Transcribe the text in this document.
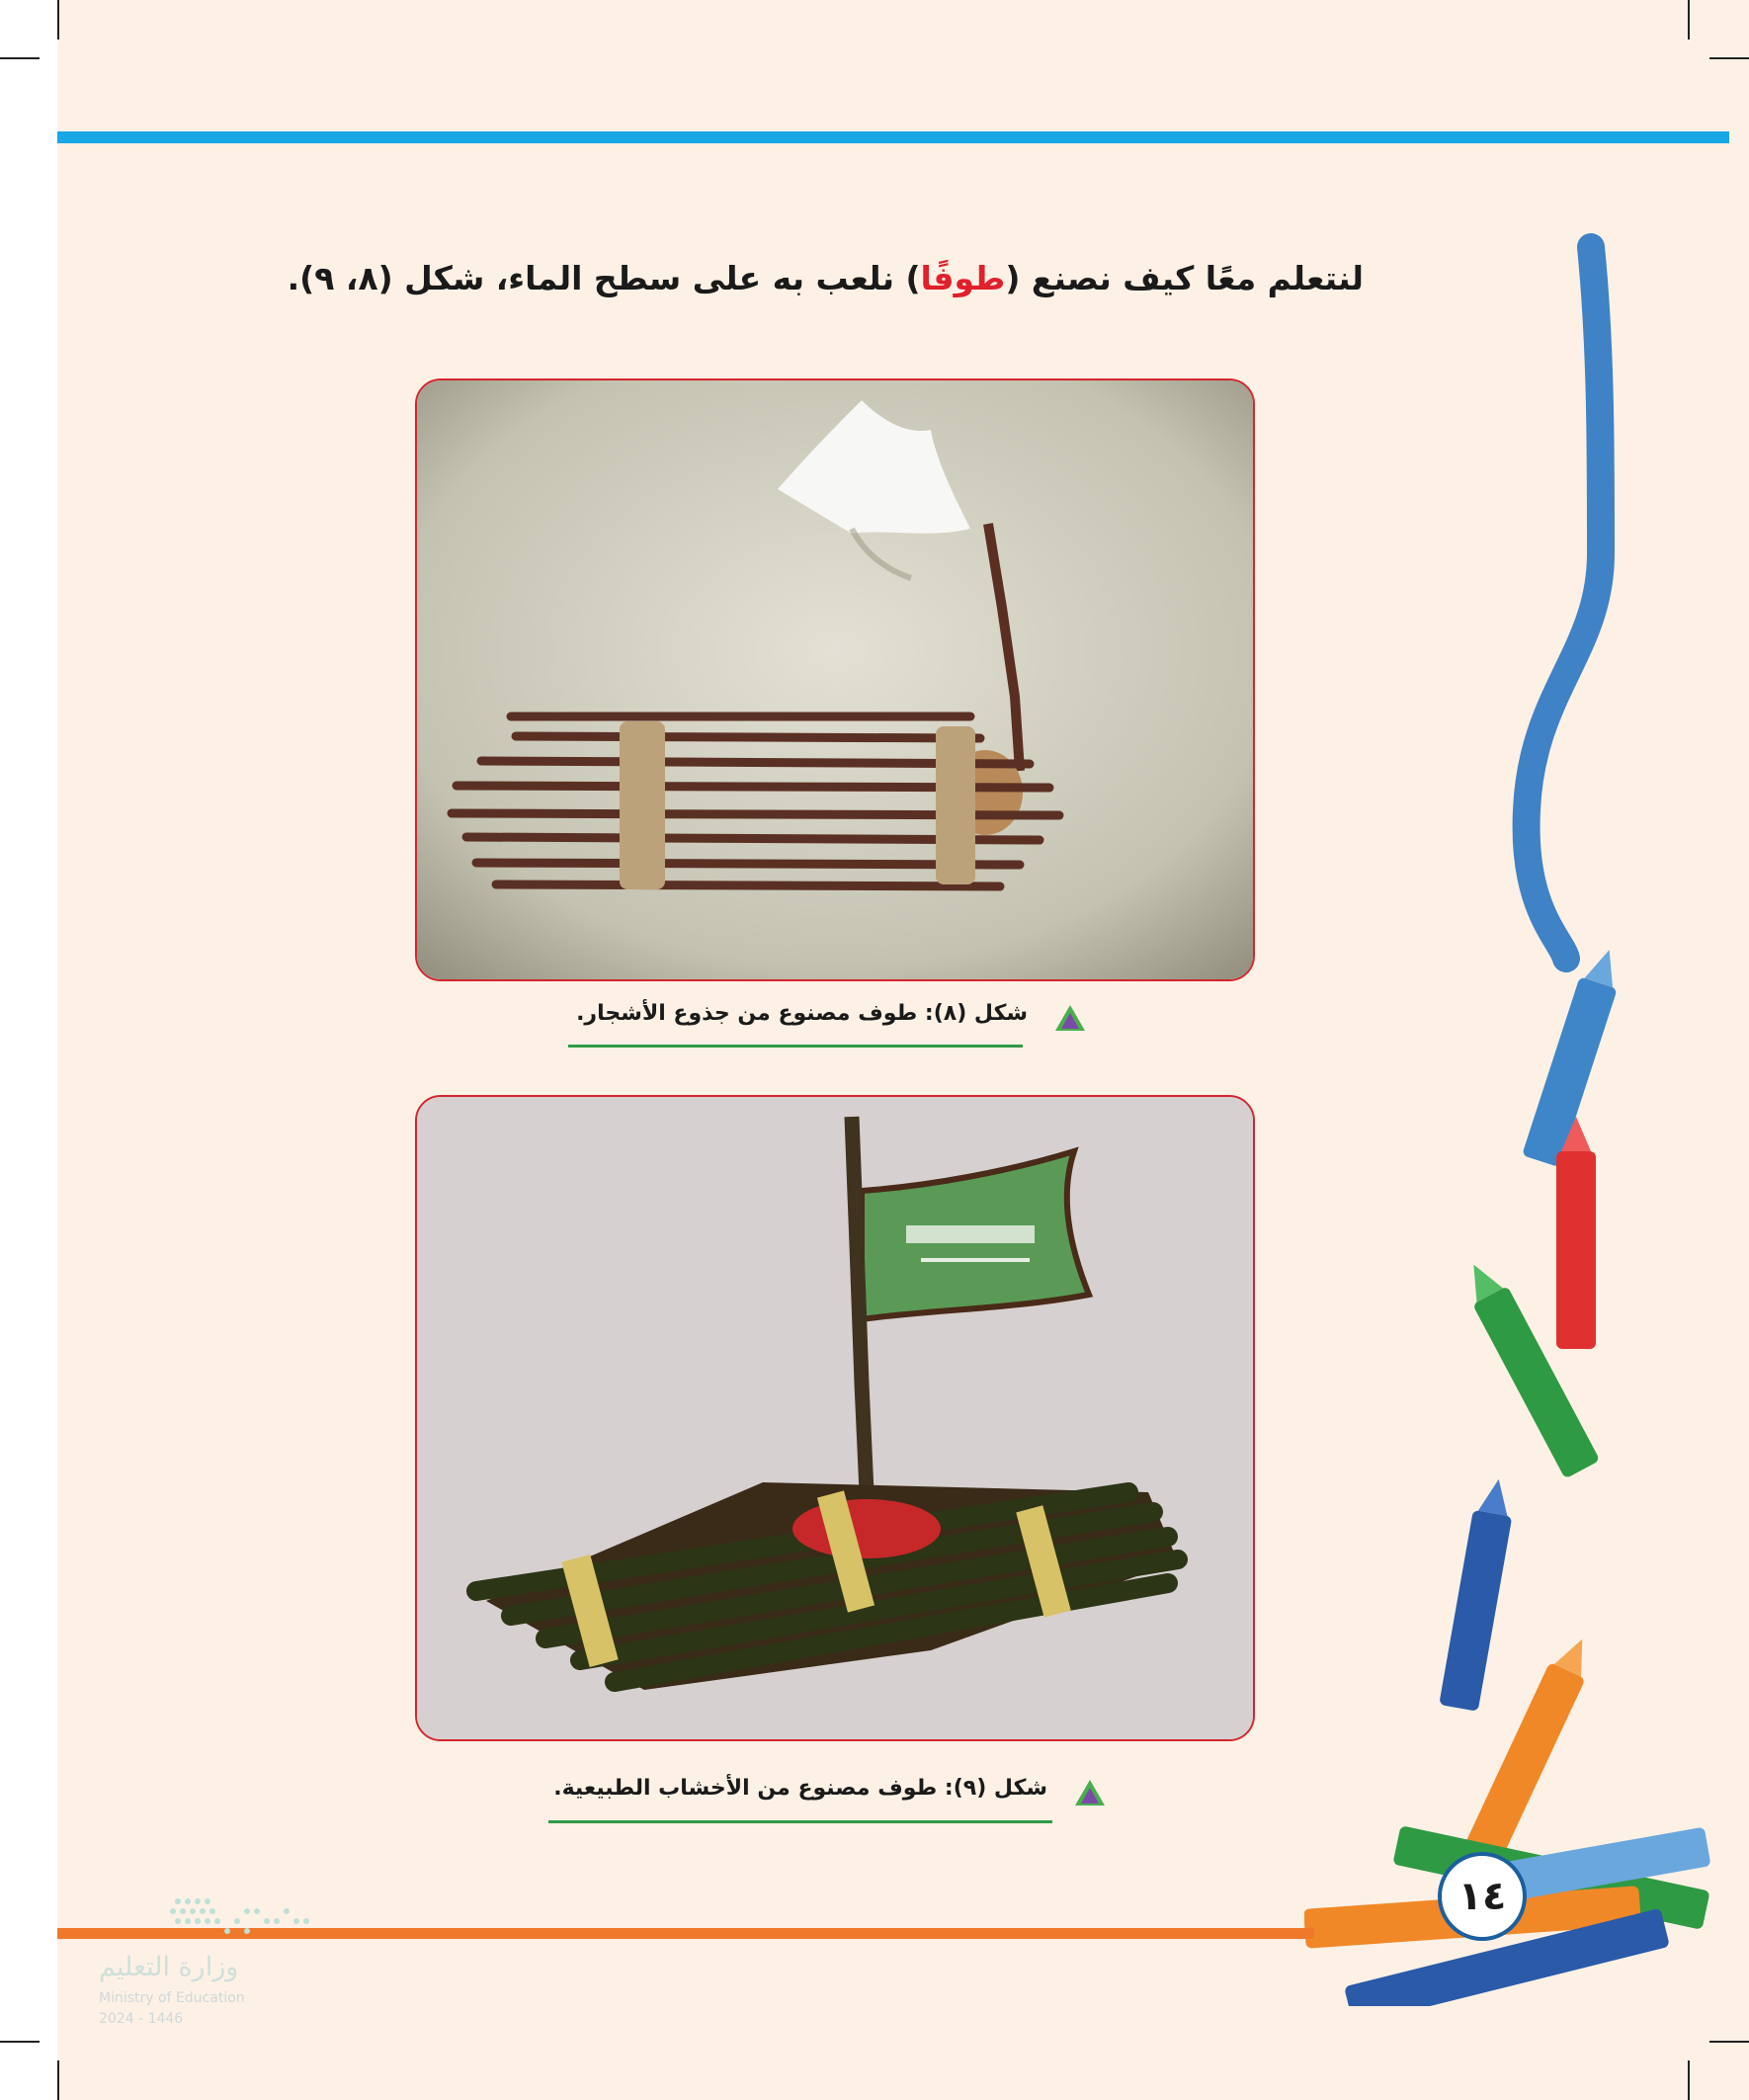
لنتعلم معًا كيف نصنع (طوفًا) نلعب به على سطح الماء، شكل (٨، ٩).
شكل (٨): طوف مصنوع من جذوع الأشجار.
شكل (٩): طوف مصنوع من الأخشاب الطبيعية.
١٤
وزارة التعليم
Ministry of Education
2024 - 1446
